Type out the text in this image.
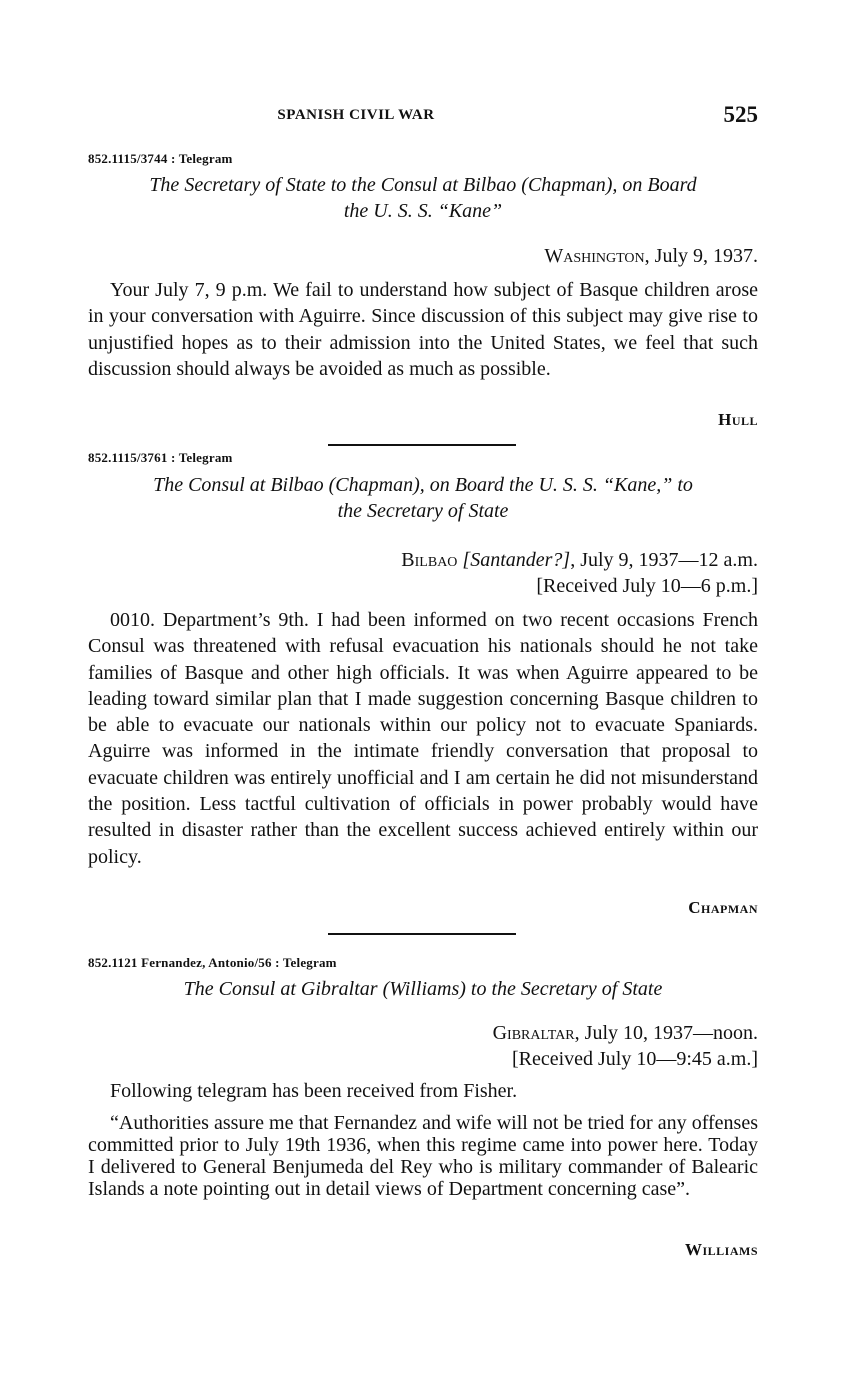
SPANISH CIVIL WAR	525
852.1115/3744 : Telegram
The Secretary of State to the Consul at Bilbao (Chapman), on Board
the U. S. S. “Kane”
Washington, July 9, 1937.

Your July 7, 9 p.m. We fail to understand how subject of Basque children arose in your conversation with Aguirre. Since discussion of this subject may give rise to unjustified hopes as to their admission into the United States, we feel that such discussion should always be avoided as much as possible.

Hull
852.1115/3761 : Telegram
The Consul at Bilbao (Chapman), on Board the U. S. S. “Kane,” to
the Secretary of State
Bilbao [Santander?], July 9, 1937—12 a.m.
[Received July 10—6 p.m.]

0010. Department’s 9th. I had been informed on two recent occasions French Consul was threatened with refusal evacuation his nationals should he not take families of Basque and other high officials. It was when Aguirre appeared to be leading toward similar plan that I made suggestion concerning Basque children to be able to evacuate our nationals within our policy not to evacuate Spaniards. Aguirre was informed in the intimate friendly conversation that proposal to evacuate children was entirely unofficial and I am certain he did not misunderstand the position. Less tactful cultivation of officials in power probably would have resulted in disaster rather than the excellent success achieved entirely within our policy.

Chapman
852.1121 Fernandez, Antonio/56 : Telegram
The Consul at Gibraltar (Williams) to the Secretary of State
Gibraltar, July 10, 1937—noon.
[Received July 10—9:45 a.m.]

Following telegram has been received from Fisher.

“Authorities assure me that Fernandez and wife will not be tried for any offenses committed prior to July 19th 1936, when this regime came into power here. Today I delivered to General Benjumeda del Rey who is military commander of Balearic Islands a note pointing out in detail views of Department concerning case”.

Williams
